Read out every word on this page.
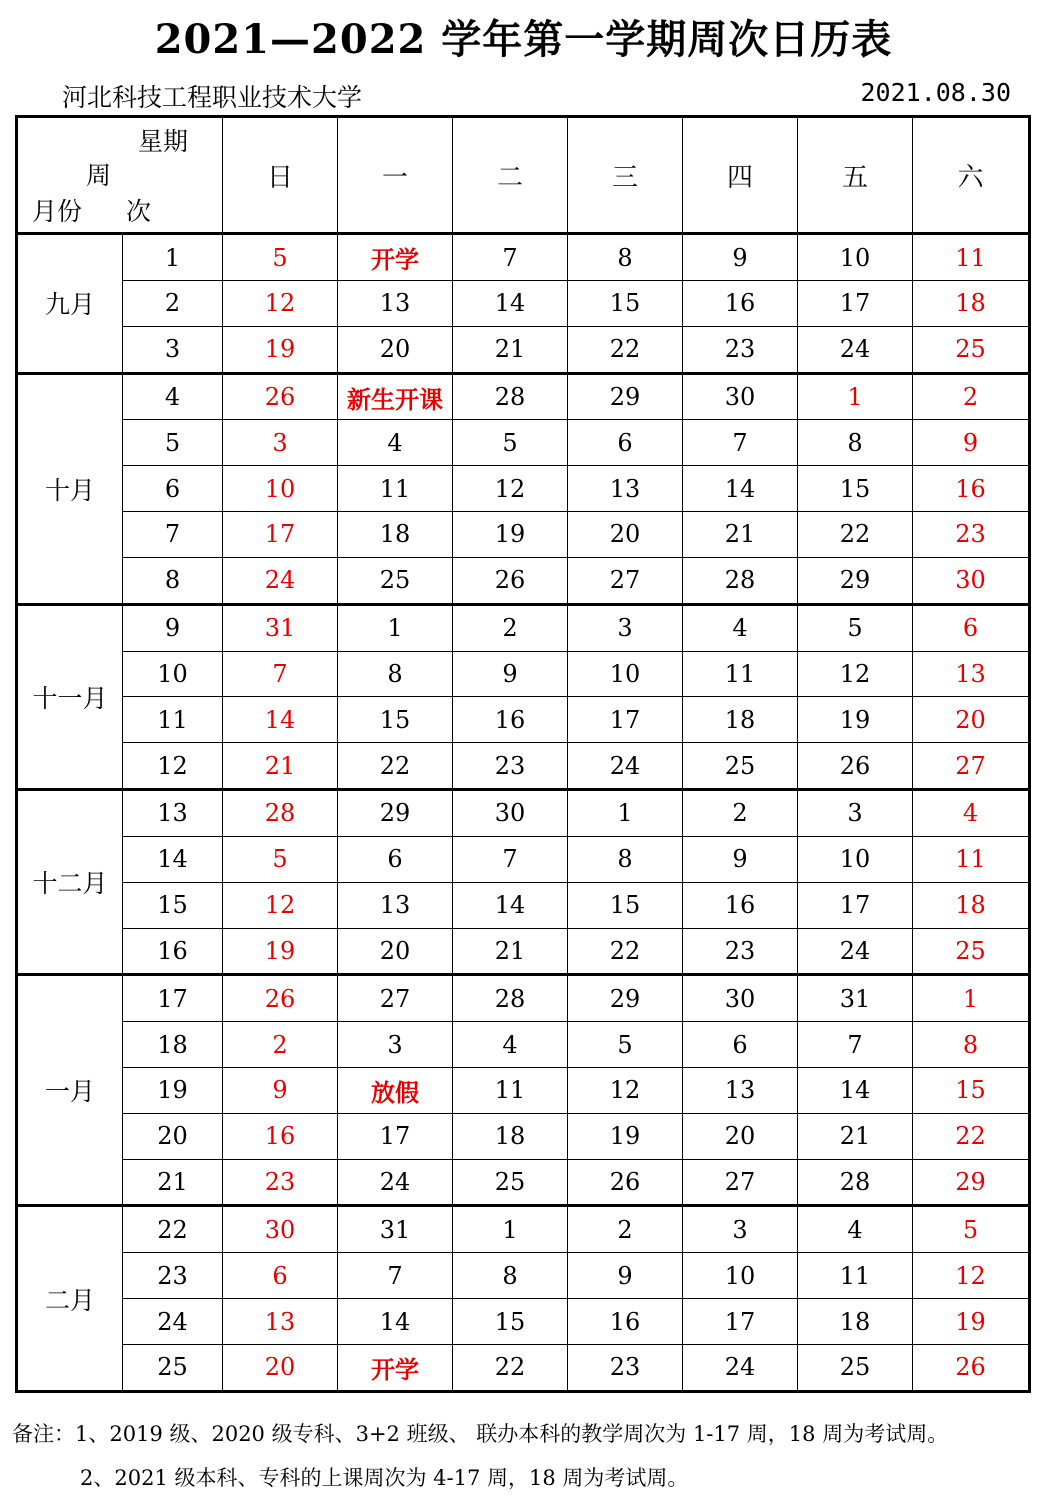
2021—2022 学年第一学期周次日历表
河北科技工程职业技术大学	2021.08.30
星期
周
月份 次		日	一	二	三	四	五	六
九月	1	5	开学	7	8	9	10	11
	2	12	13	14	15	16	17	18
	3	19	20	21	22	23	24	25
十月	4	26	新生开课	28	29	30	1	2
	5	3	4	5	6	7	8	9
	6	10	11	12	13	14	15	16
	7	17	18	19	20	21	22	23
	8	24	25	26	27	28	29	30
十一月	9	31	1	2	3	4	5	6
	10	7	8	9	10	11	12	13
	11	14	15	16	17	18	19	20
	12	21	22	23	24	25	26	27
十二月	13	28	29	30	1	2	3	4
	14	5	6	7	8	9	10	11
	15	12	13	14	15	16	17	18
	16	19	20	21	22	23	24	25
一月	17	26	27	28	29	30	31	1
	18	2	3	4	5	6	7	8
	19	9	放假	11	12	13	14	15
	20	16	17	18	19	20	21	22
	21	23	24	25	26	27	28	29
二月	22	30	31	1	2	3	4	5
	23	6	7	8	9	10	11	12
	24	13	14	15	16	17	18	19
	25	20	开学	22	23	24	25	26
备注：1、2019 级、2020 级专科、3+2 班级、 联办本科的教学周次为 1-17 周，18 周为考试周。
2、2021 级本科、专科的上课周次为 4-17 周，18 周为考试周。
